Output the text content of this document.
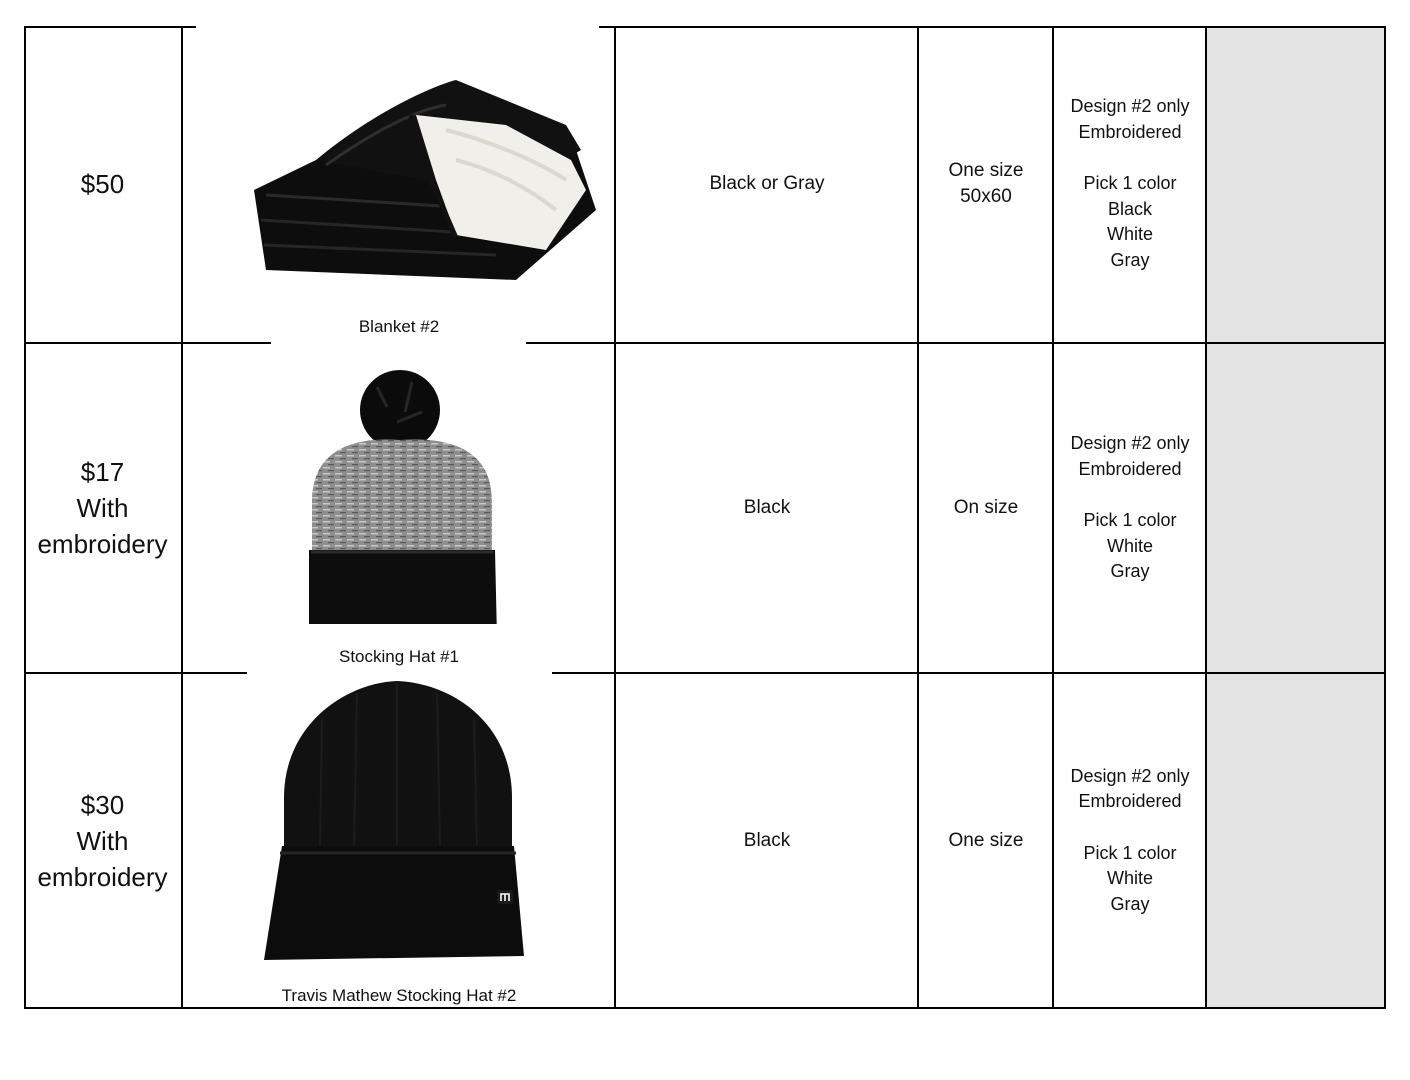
$50
Blanket #2
Black or Gray
One size
50x60
Design #2 only
Embroidered

Pick 1 color
Black
White
Gray
$17
With
embroidery
Stocking Hat #1
Black	On size
Design #2 only
Embroidered

Pick 1 color
White
Gray
$30
With
embroidery
Travis Mathew Stocking Hat #2
Black	One size
Design #2 only
Embroidered

Pick 1 color
White
Gray
